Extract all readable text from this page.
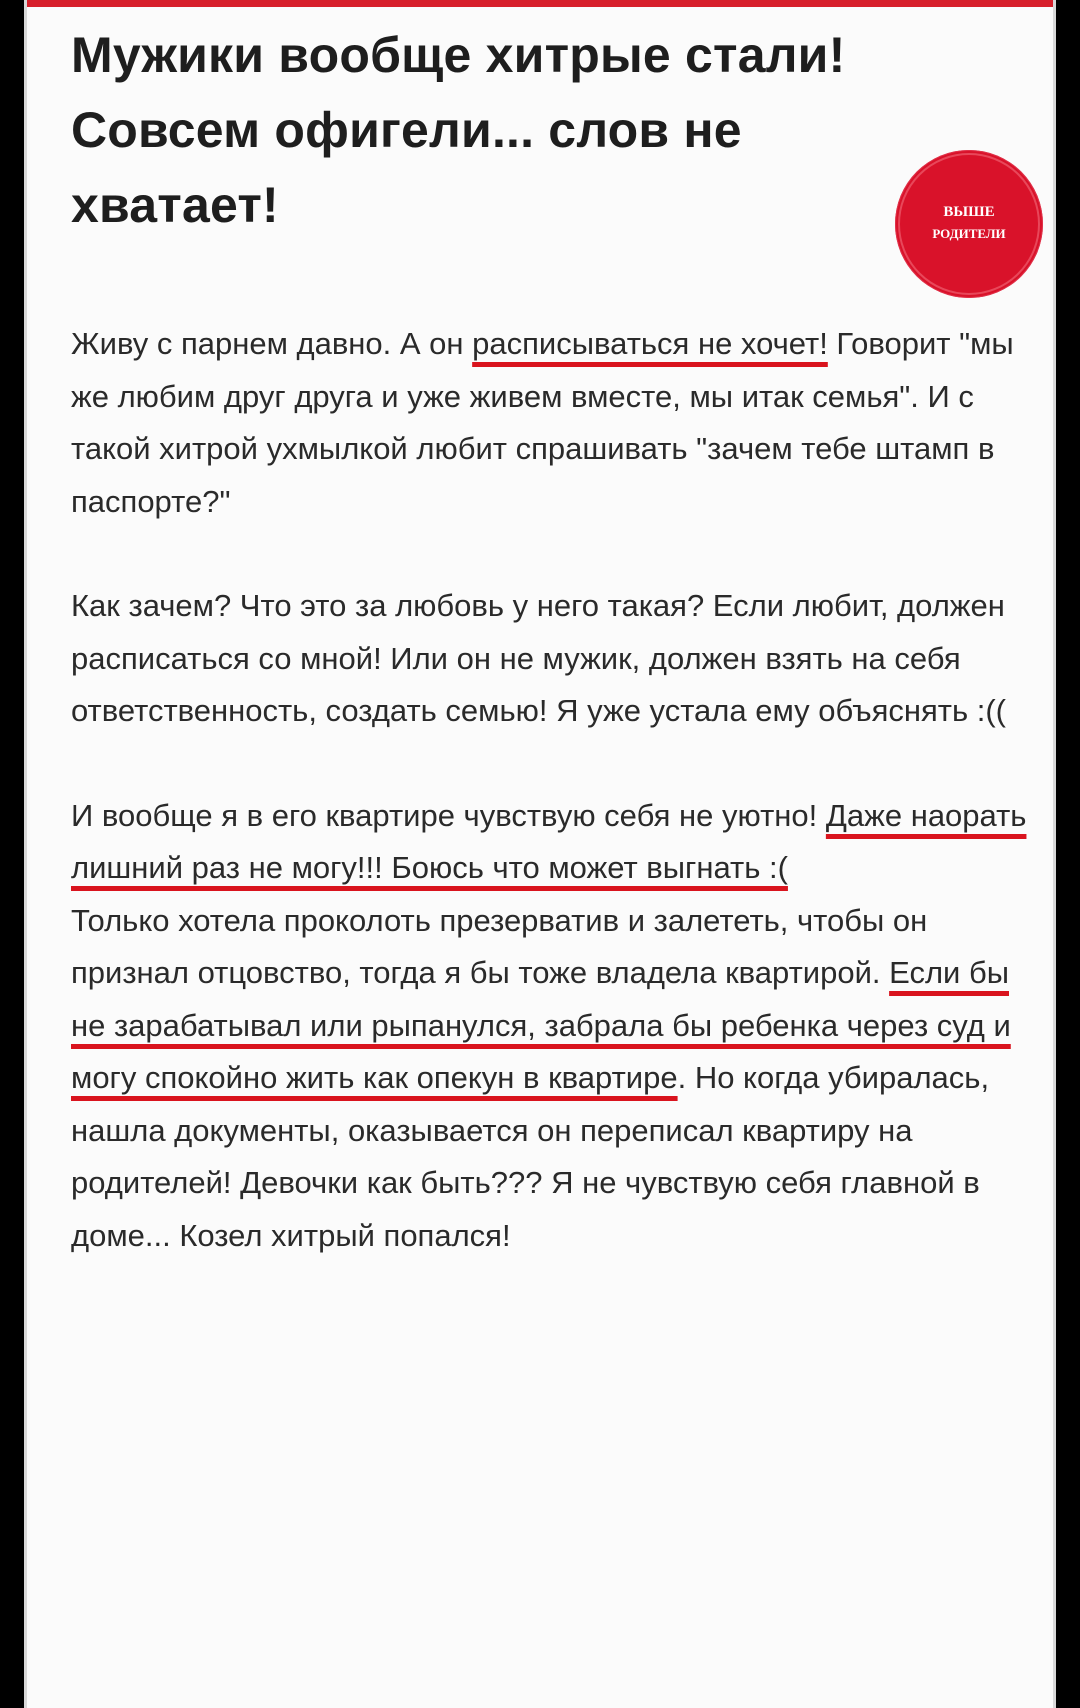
Мужики вообще хитрые стали! Совсем офигели... слов не хватает!	ВЫШЕ
РОДИТЕЛИ

Живу с парнем давно. А он расписываться не хочет! Говорит "мы же любим друг друга и уже живем вместе, мы итак семья". И с такой хитрой ухмылкой любит спрашивать "зачем тебе штамп в паспорте?"

Как зачем? Что это за любовь у него такая? Если любит, должен расписаться со мной! Или он не мужик, должен взять на себя ответственность, создать семью! Я уже устала ему объяснять :((

И вообще я в его квартире чувствую себя не уютно! Даже наорать лишний раз не могу!!! Боюсь что может выгнать :(

Только хотела проколоть презерватив и залететь, чтобы он признал отцовство, тогда я бы тоже владела квартирой. Если бы не зарабатывал или рыпанулся, забрала бы ребенка через суд и могу спокойно жить как опекун в квартире. Но когда убиралась, нашла документы, оказывается он переписал квартиру на родителей! Девочки как быть??? Я не чувствую себя главной в доме... Козел хитрый попался!
